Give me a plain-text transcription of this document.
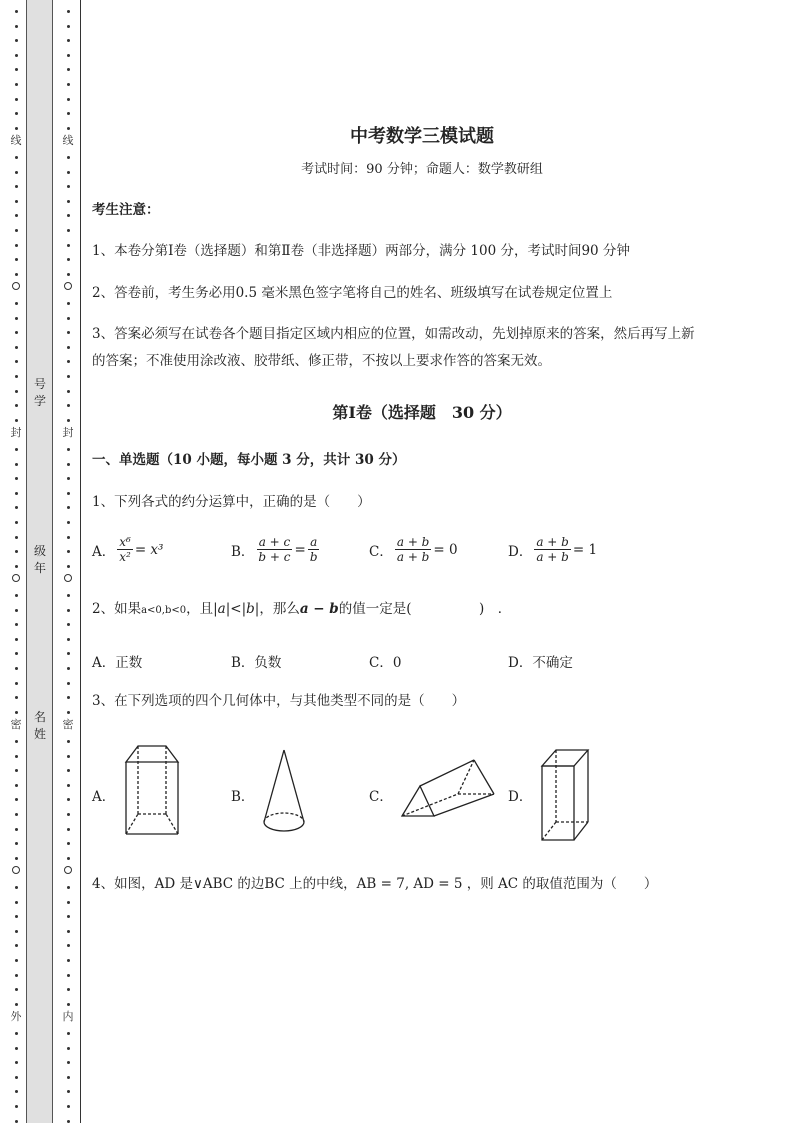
线
封
密
外
线
封
密
内
号
学
级
年
名
姓
中考数学三模试题
考试时间：90 分钟；命题人：数学教研组
考生注意：
1、本卷分第Ⅰ卷（选择题）和第Ⅱ卷（非选择题）两部分，满分 100 分，考试时间90 分钟
2、答卷前，考生务必用0.5 毫米黑色签字笔将自己的姓名、班级填写在试卷规定位置上
3、答案必须写在试卷各个题目指定区域内相应的位置，如需改动，先划掉原来的答案，然后再写上新
的答案；不准使用涂改液、胶带纸、修正带，不按以上要求作答的答案无效。
第Ⅰ卷（选择题　30 分）
一、单选题（10 小题，每小题 3 分，共计 30 分）
1、下列各式的约分运算中，正确的是（　　）
A． $\frac{\text{x⁶}}{\text{x²}} = x^3$	B． $\frac{a + c}{b + c} = \frac{a}{b}$	C． $\frac{a + b}{a + b} = 0$	D． $\frac{a + b}{a + b} = 1$
2、如果a<0,b<0，且|a|<|b|，那么a − b的值一定是(　　　　　)　．
A．正数	B．负数	C．0	D．不确定
3、在下列选项的四个几何体中，与其他类型不同的是（　　）
A．	B．	C．	D．
4、如图，AD 是∨ABC 的边BC 上的中线，AB = 7, AD = 5 ，则 AC 的取值范围为（　　）
